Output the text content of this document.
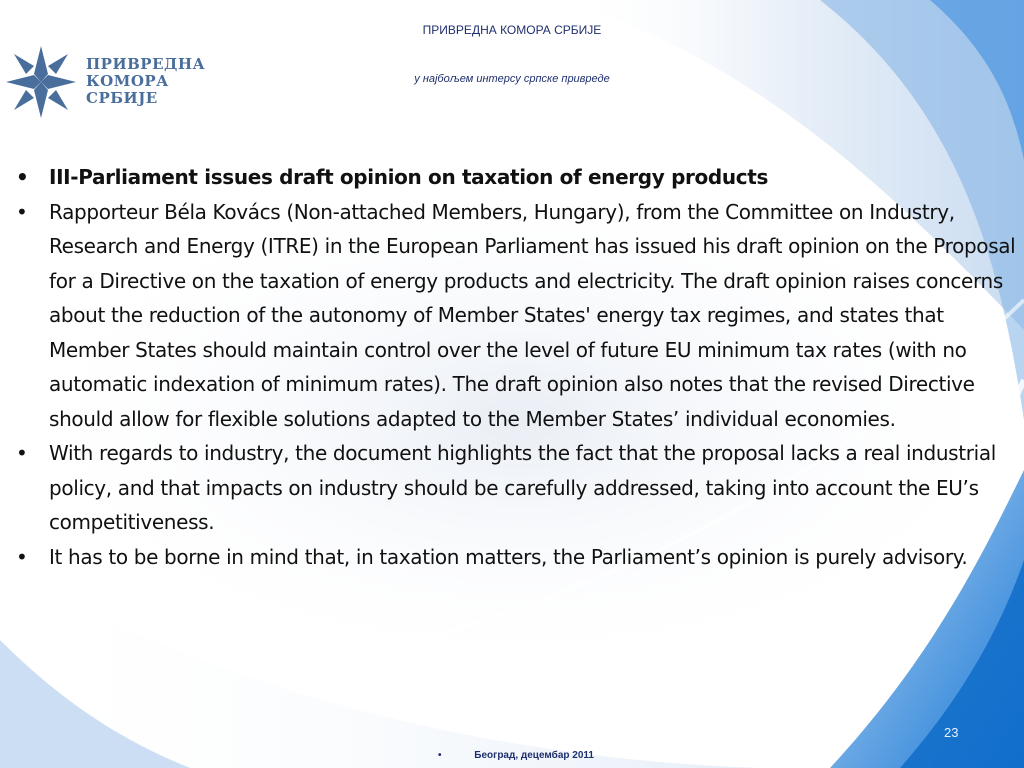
ПРИВРЕДНА
КОМОРА
СРБИЈЕ
ПРИВРЕДНА КОМОРА СРБИЈЕ
у најбољем интерсу српске привреде
• III-Parliament issues draft opinion on taxation of energy products
• Rapporteur Béla Kovács (Non-attached Members, Hungary), from the Committee on Industry, Research and Energy (ITRE) in the European Parliament has issued his draft opinion on the Proposal for a Directive on the taxation of energy products and electricity. The draft opinion raises concerns about the reduction of the autonomy of Member States' energy tax regimes, and states that Member States should maintain control over the level of future EU minimum tax rates (with no automatic indexation of minimum rates). The draft opinion also notes that the revised Directive should allow for flexible solutions adapted to the Member States’ individual economies.
• With regards to industry, the document highlights the fact that the proposal lacks a real industrial policy, and that impacts on industry should be carefully addressed, taking into account the EU’s competitiveness.
• It has to be borne in mind that, in taxation matters, the Parliament’s opinion is purely advisory.
23
•	Београд, децембар 2011
